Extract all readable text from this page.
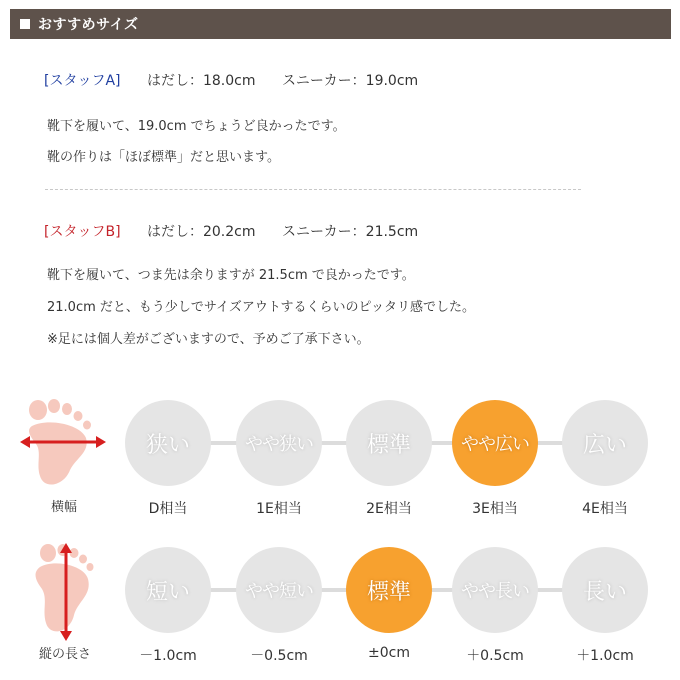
おすすめサイズ
[スタッフA] はだし：18.0cm スニーカー：19.0cm
靴下を履いて、19.0cm でちょうど良かったです。
靴の作りは「ほぼ標準」だと思います。
[スタッフB] はだし：20.2cm スニーカー：21.5cm
靴下を履いて、つま先は余りますが 21.5cm で良かったです。
21.0cm だと、もう少しでサイズアウトするくらいのピッタリ感でした。
※足には個人差がございますので、予めご了承下さい。
横幅
狭い	やや狭い	標準	やや広い	広い
D相当	1E相当	2E相当	3E相当	4E相当
縦の長さ
短い	やや短い	標準	やや長い	長い
－1.0cm	－0.5cm	±0cm	＋0.5cm	＋1.0cm
